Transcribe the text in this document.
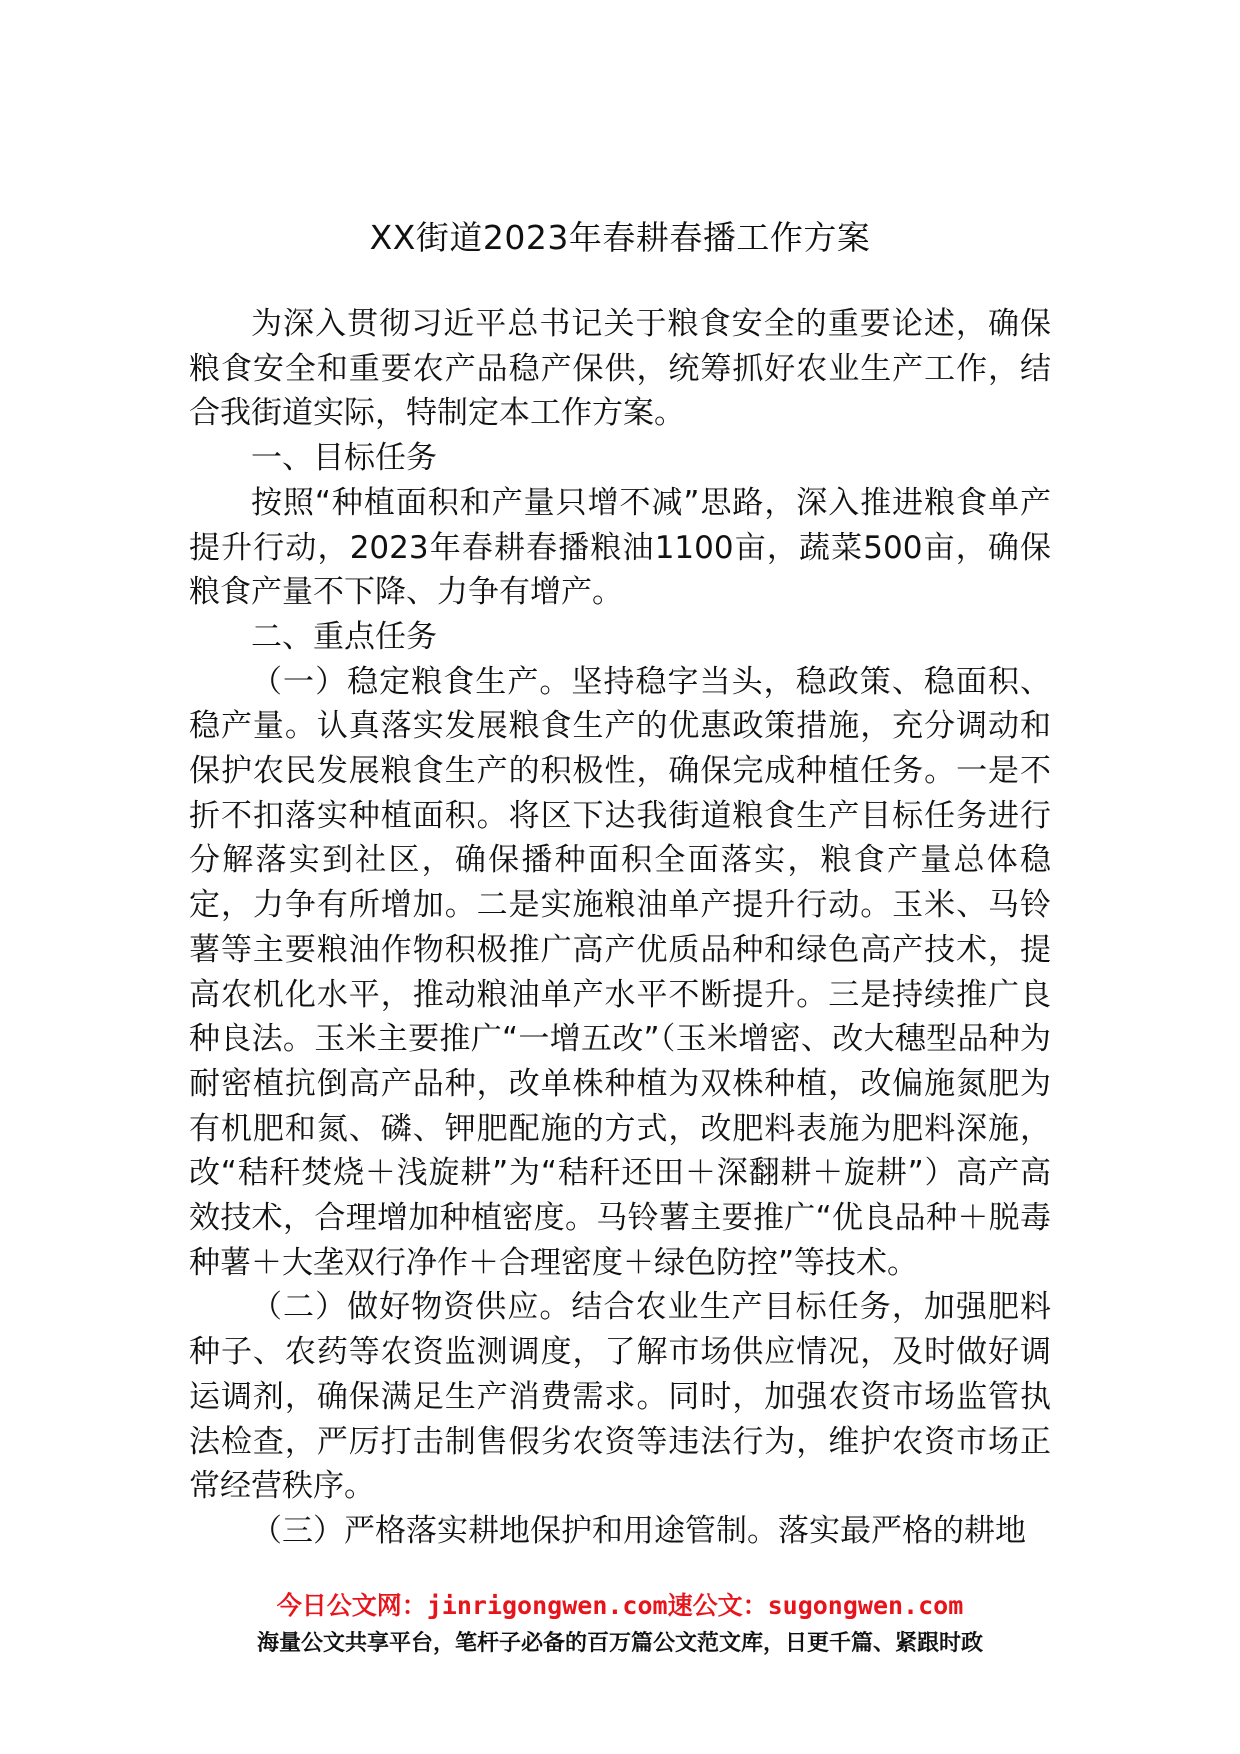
XX街道2023年春耕春播工作方案

为深入贯彻习近平总书记关于粮食安全的重要论述，确保粮食安全和重要农产品稳产保供，统筹抓好农业生产工作，结合我街道实际，特制定本工作方案。

一、目标任务

按照“种植面积和产量只增不减”思路，深入推进粮食单产提升行动，2023年春耕春播粮油1100亩，蔬菜500亩，确保粮食产量不下降、力争有增产。

二、重点任务

（一）稳定粮食生产。坚持稳字当头，稳政策、稳面积、稳产量。认真落实发展粮食生产的优惠政策措施，充分调动和保护农民发展粮食生产的积极性，确保完成种植任务。一是不折不扣落实种植面积。将区下达我街道粮食生产目标任务进行分解落实到社区，确保播种面积全面落实，粮食产量总体稳定，力争有所增加。二是实施粮油单产提升行动。玉米、马铃薯等主要粮油作物积极推广高产优质品种和绿色高产技术，提高农机化水平，推动粮油单产水平不断提升。三是持续推广良种良法。玉米主要推广“一增五改”（玉米增密、改大穗型品种为耐密植抗倒高产品种，改单株种植为双株种植，改偏施氮肥为有机肥和氮、磷、钾肥配施的方式，改肥料表施为肥料深施，改“秸秆焚烧＋浅旋耕”为“秸秆还田＋深翻耕＋旋耕”）高产高效技术，合理增加种植密度。马铃薯主要推广“优良品种＋脱毒种薯＋大垄双行净作＋合理密度＋绿色防控”等技术。

（二）做好物资供应。结合农业生产目标任务，加强肥料种子、农药等农资监测调度，了解市场供应情况，及时做好调运调剂，确保满足生产消费需求。同时，加强农资市场监管执法检查，严厉打击制售假劣农资等违法行为，维护农资市场正常经营秩序。

（三）严格落实耕地保护和用途管制。落实最严格的耕地

今日公文网：jinrigongwen.com速公文：sugongwen.com
海量公文共享平台，笔杆子必备的百万篇公文范文库，日更千篇、紧跟时政
